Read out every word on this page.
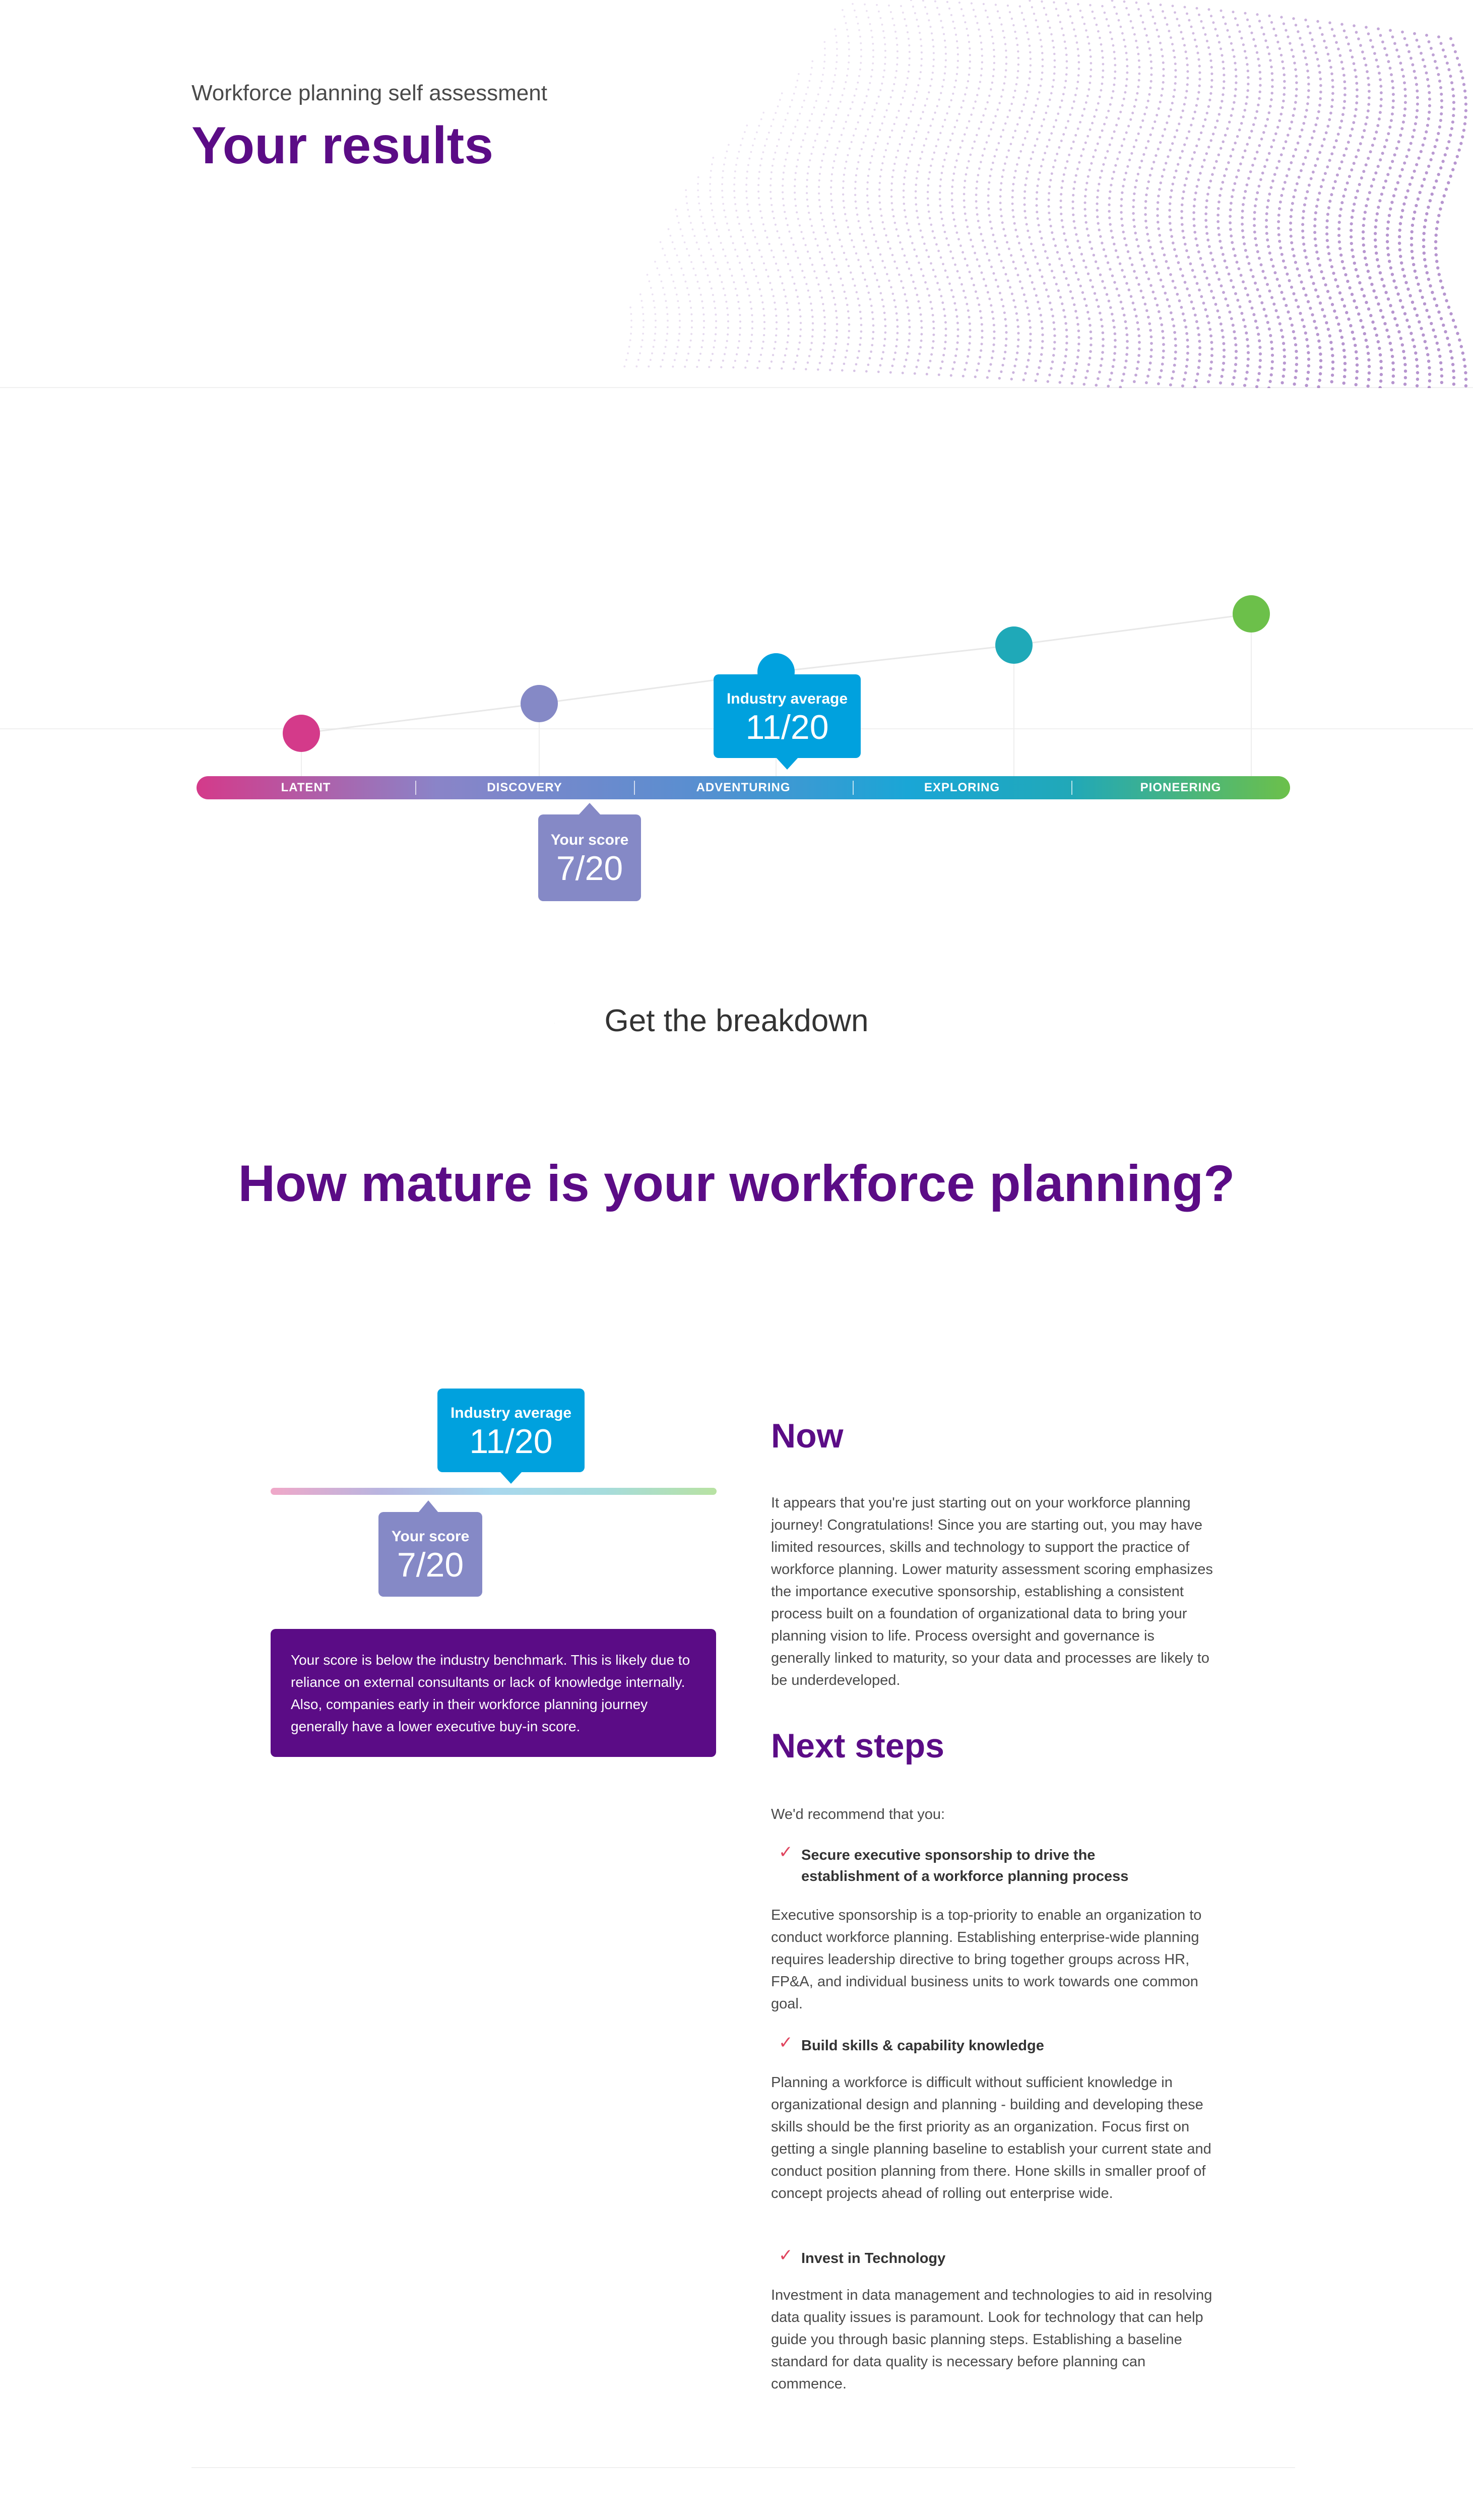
Workforce planning self assessment
Your results
Industry average
11/20
LATENT	DISCOVERY	ADVENTURING	EXPLORING	PIONEERING
Your score
7/20
Get the breakdown
How mature is your workforce planning?
Industry average
11/20
Your score
7/20
Your score is below the industry benchmark. This is likely due to reliance on external consultants or lack of knowledge internally. Also, companies early in their workforce planning journey generally have a lower executive buy-in score.
Now
It appears that you're just starting out on your workforce planning journey! Congratulations! Since you are starting out, you may have limited resources, skills and technology to support the practice of workforce planning. Lower maturity assessment scoring emphasizes the importance executive sponsorship, establishing a consistent process built on a foundation of organizational data to bring your planning vision to life. Process oversight and governance is generally linked to maturity, so your data and processes are likely to be underdeveloped.
Next steps
We'd recommend that you:
✓ Secure executive sponsorship to drive the establishment of a workforce planning process
Executive sponsorship is a top-priority to enable an organization to conduct workforce planning. Establishing enterprise-wide planning requires leadership directive to bring together groups across HR, FP&A, and individual business units to work towards one common goal.
✓ Build skills & capability knowledge
Planning a workforce is difficult without sufficient knowledge in organizational design and planning - building and developing these skills should be the first priority as an organization. Focus first on getting a single planning baseline to establish your current state and conduct position planning from there. Hone skills in smaller proof of concept projects ahead of rolling out enterprise wide.
✓ Invest in Technology
Investment in data management and technologies to aid in resolving data quality issues is paramount. Look for technology that can help guide you through basic planning steps. Establishing a baseline standard for data quality is necessary before planning can commence.
